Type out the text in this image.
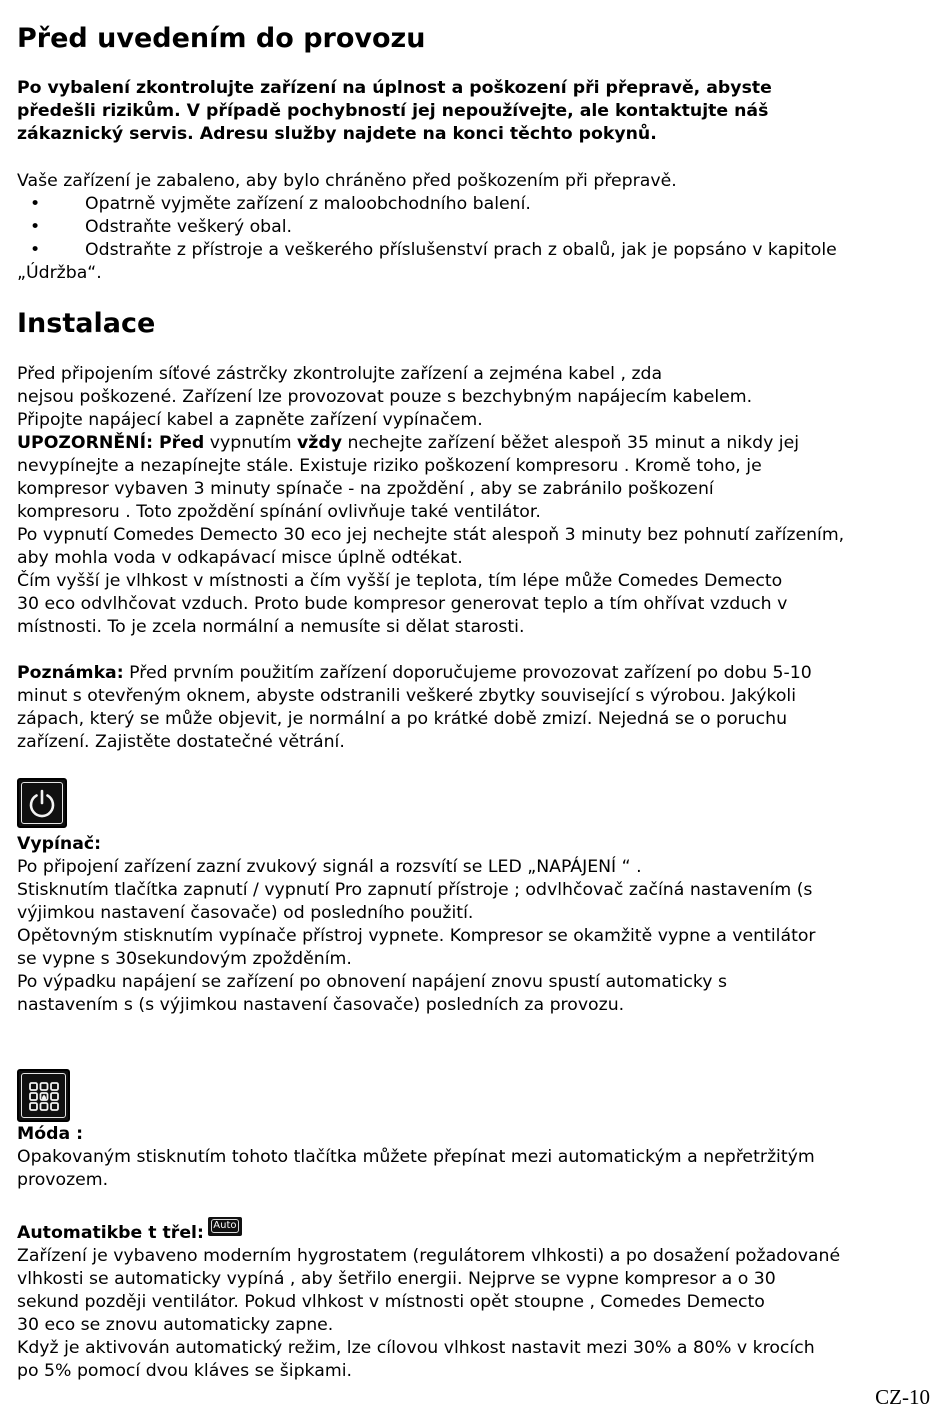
Před uvedením do provozu
Po vybalení zkontrolujte zařízení na úplnost a poškození při přepravě, abyste
předešli rizikům. V případě pochybností jej nepoužívejte, ale kontaktujte náš
zákaznický servis. Adresu služby najdete na konci těchto pokynů.
Vaše zařízení je zabaleno, aby bylo chráněno před poškozením při přepravě.
•	Opatrně vyjměte zařízení z maloobchodního balení.
•	Odstraňte veškerý obal.
•	Odstraňte z přístroje a veškerého příslušenství prach z obalů, jak je popsáno v kapitole
„Údržba“.
Instalace
Před připojením síťové zástrčky zkontrolujte zařízení a zejména kabel , zda
nejsou poškozené. Zařízení lze provozovat pouze s bezchybným napájecím kabelem.
Připojte napájecí kabel a zapněte zařízení vypínačem.
UPOZORNĚNÍ: Před vypnutím vždy nechejte zařízení běžet alespoň 35 minut a nikdy jej
nevypínejte a nezapínejte stále. Existuje riziko poškození kompresoru . Kromě toho, je
kompresor vybaven 3 minuty spínače - na zpoždění , aby se zabránilo poškození
kompresoru . Toto zpoždění spínání ovlivňuje také ventilátor.
Po vypnutí Comedes Demecto 30 eco jej nechejte stát alespoň 3 minuty bez pohnutí zařízením,
aby mohla voda v odkapávací misce úplně odtékat.
Čím vyšší je vlhkost v místnosti a čím vyšší je teplota, tím lépe může Comedes Demecto
30 eco odvlhčovat vzduch. Proto bude kompresor generovat teplo a tím ohřívat vzduch v
místnosti. To je zcela normální a nemusíte si dělat starosti.
Poznámka: Před prvním použitím zařízení doporučujeme provozovat zařízení po dobu 5-10
minut s otevřeným oknem, abyste odstranili veškeré zbytky související s výrobou. Jakýkoli
zápach, který se může objevit, je normální a po krátké době zmizí. Nejedná se o poruchu
zařízení. Zajistěte dostatečné větrání.
Vypínač:
Po připojení zařízení zazní zvukový signál a rozsvítí se LED „NAPÁJENÍ “ .
Stisknutím tlačítka zapnutí / vypnutí Pro zapnutí přístroje ; odvlhčovač začíná nastavením (s
výjimkou nastavení časovače) od posledního použití.
Opětovným stisknutím vypínače přístroj vypnete. Kompresor se okamžitě vypne a ventilátor
se vypne s 30sekundovým zpožděním.
Po výpadku napájení se zařízení po obnovení napájení znovu spustí automaticky s
nastavením s (s výjimkou nastavení časovače) posledních za provozu.
Móda :
Opakovaným stisknutím tohoto tlačítka můžete přepínat mezi automatickým a nepřetržitým
provozem.
Automatikbe t třel: Auto
Zařízení je vybaveno moderním hygrostatem (regulátorem vlhkosti) a po dosažení požadované
vlhkosti se automaticky vypíná , aby šetřilo energii. Nejprve se vypne kompresor a o 30
sekund později ventilátor. Pokud vlhkost v místnosti opět stoupne , Comedes Demecto
30 eco se znovu automaticky zapne.
Když je aktivován automatický režim, lze cílovou vlhkost nastavit mezi 30% a 80% v krocích
po 5% pomocí dvou kláves se šipkami.
CZ-10
